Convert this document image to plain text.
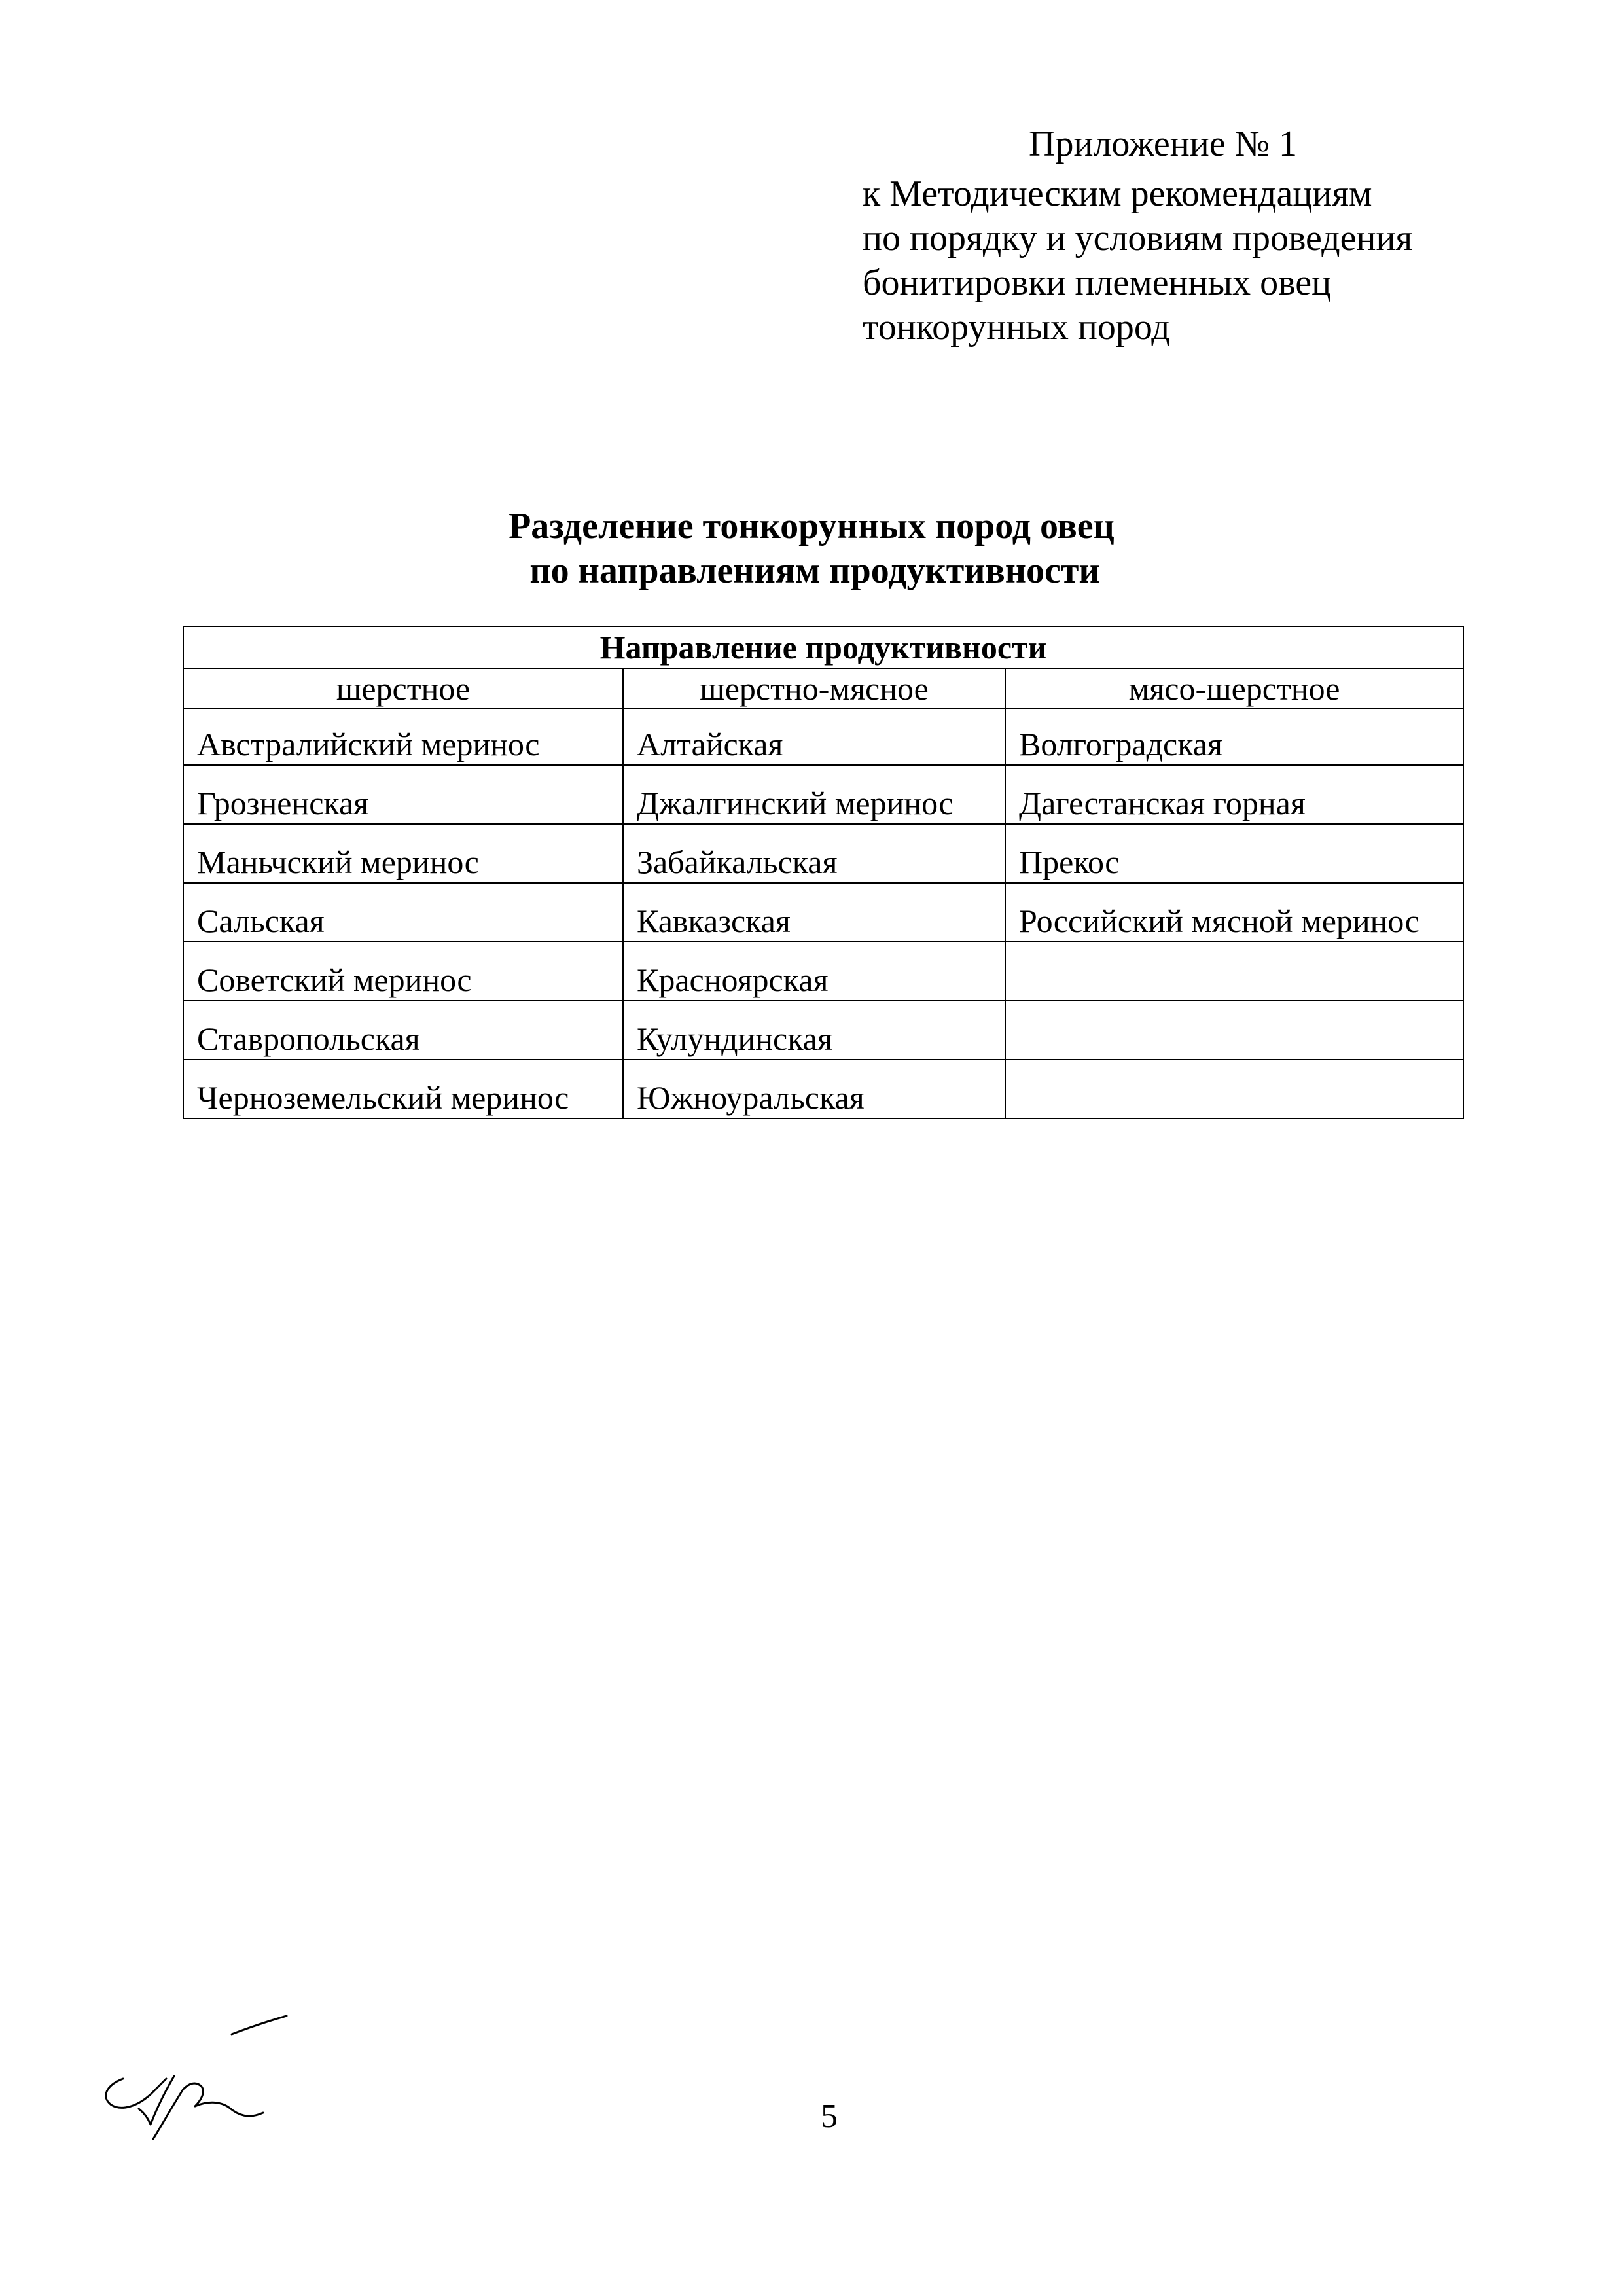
Приложение № 1
к Методическим рекомендациям
по порядку и условиям проведения
бонитировки племенных овец
тонкорунных пород
Разделение тонкорунных пород овец
по направлениям продуктивности
Направление продуктивности		
шерстное	шерстно-мясное	мясо-шерстное
Австралийский меринос	Алтайская	Волгоградская
Грозненская	Джалгинский меринос	Дагестанская горная
Маньчский меринос	Забайкальская	Прекос
Сальская	Кавказская	Российский мясной меринос
Советский меринос	Красноярская	
Ставропольская	Кулундинская	
Черноземельский меринос	Южноуральская	
5
